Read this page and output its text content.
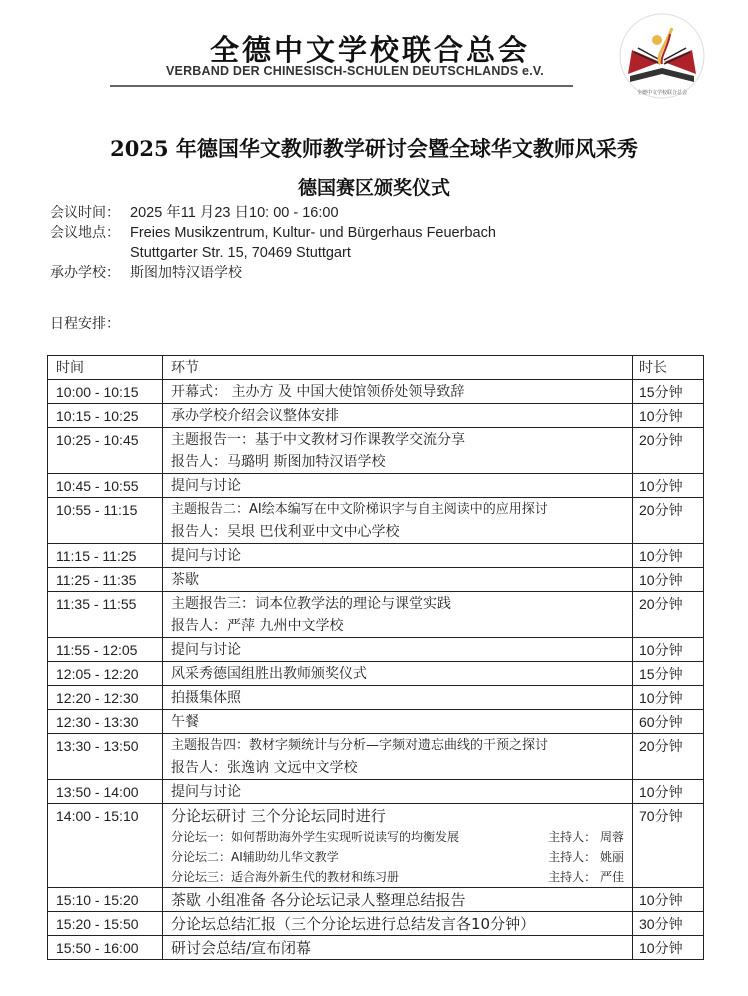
全德中文学校联合总会
VERBAND DER CHINESISCH-SCHULEN DEUTSCHLANDS e.V.
全德中文学校联合总会
2025 年德国华文教师教学研讨会暨全球华文教师风采秀
德国赛区颁奖仪式
会议时间： 2025 年11 月23 日10: 00 - 16:00
会议地点： Freies Musikzentrum, Kultur- und Bürgerhaus Feuerbach
Stuttgarter Str. 15, 70469 Stuttgart
承办学校： 斯图加特汉语学校
日程安排：
时间	环节	时长
10:00 - 10:15	开幕式： 主办方 及 中国大使馆领侨处领导致辞	15分钟
10:15 - 10:25	承办学校介绍会议整体安排	10分钟
10:25 - 10:45	主题报告一：基于中文教材习作课教学交流分享
报告人：马璐明 斯图加特汉语学校	20分钟
10:45 - 10:55	提问与讨论	10分钟
10:55 - 11:15	主题报告二：AI绘本编写在中文阶梯识字与自主阅读中的应用探讨
报告人：吴垠 巴伐利亚中文中心学校	20分钟
11:15 - 11:25	提问与讨论	10分钟
11:25 - 11:35	茶歇	10分钟
11:35 - 11:55	主题报告三：词本位教学法的理论与课堂实践
报告人：严萍 九州中文学校	20分钟
11:55 - 12:05	提问与讨论	10分钟
12:05 - 12:20	风采秀德国组胜出教师颁奖仪式	15分钟
12:20 - 12:30	拍摄集体照	10分钟
12:30 - 13:30	午餐	60分钟
13:30 - 13:50	主题报告四：教材字频统计与分析—字频对遗忘曲线的干预之探讨
报告人：张逸讷 文远中文学校	20分钟
13:50 - 14:00	提问与讨论	10分钟
14:00 - 15:10	分论坛研讨 三个分论坛同时进行
分论坛一：如何帮助海外学生实现听说读写的均衡发展	主持人： 周蓉
分论坛二：AI辅助幼儿华文教学	主持人： 姚丽
分论坛三：适合海外新生代的教材和练习册	主持人： 严佳
	70分钟
15:10 - 15:20	茶歇 小组准备 各分论坛记录人整理总结报告	10分钟
15:20 - 15:50	分论坛总结汇报（三个分论坛进行总结发言各10分钟）	30分钟
15:50 - 16:00	研讨会总结/宣布闭幕	10分钟
